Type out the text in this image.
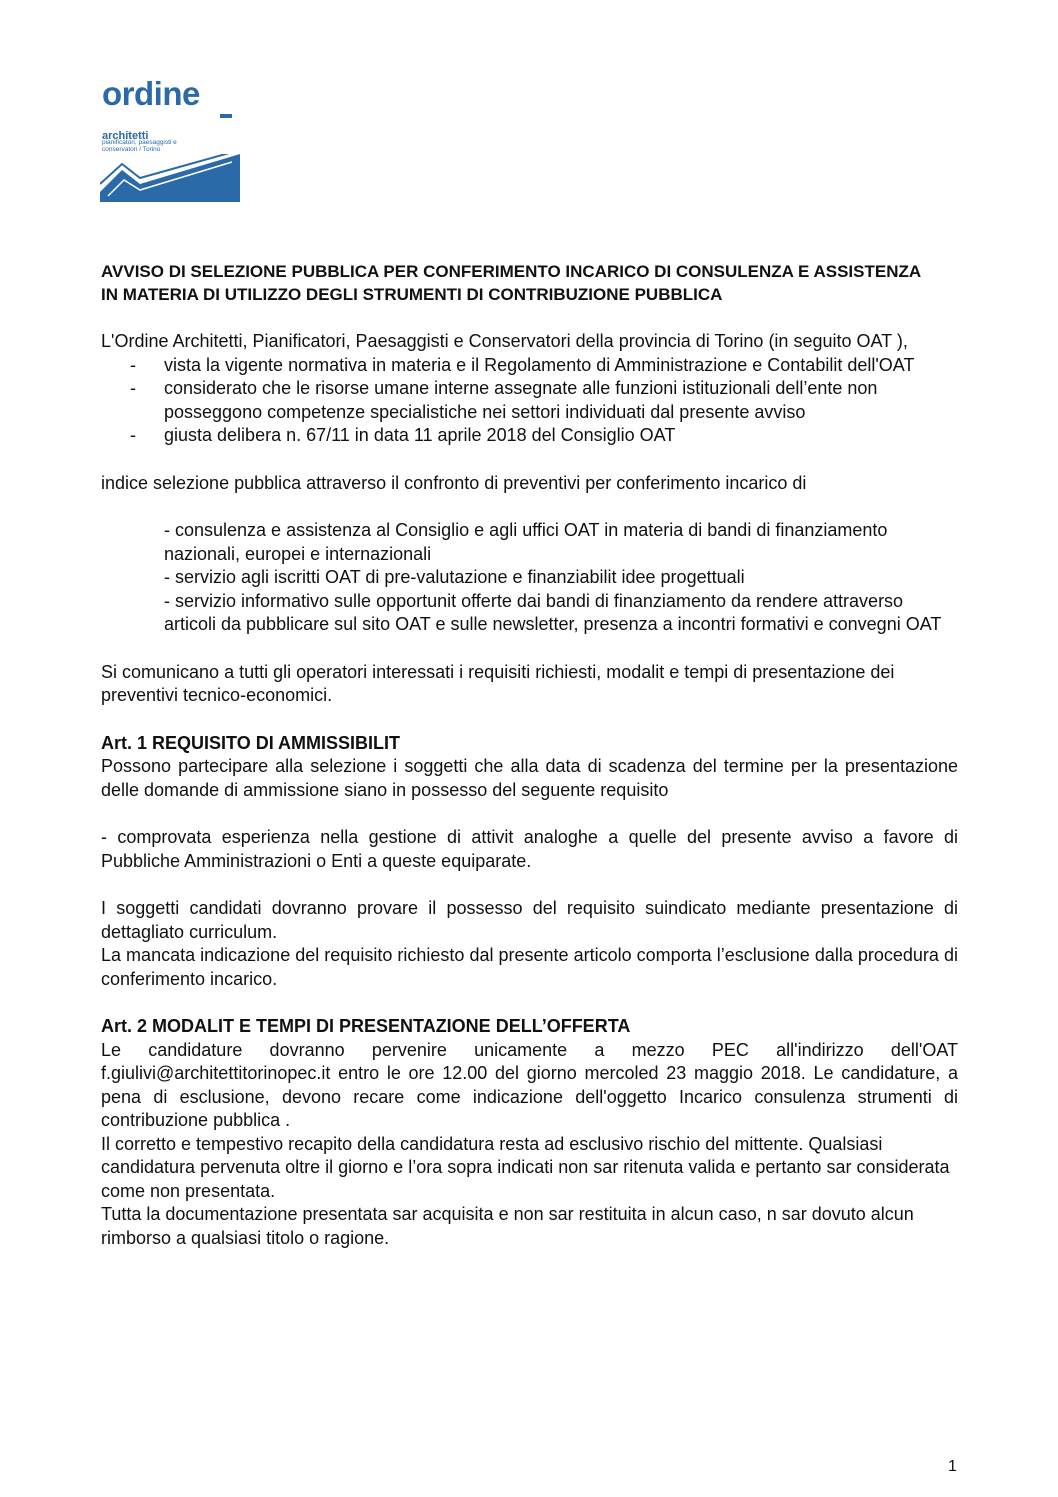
ordine
architetti
pianificatori, paesaggisti e conservatori / Torino

AVVISO DI SELEZIONE PUBBLICA PER CONFERIMENTO INCARICO DI CONSULENZA E ASSISTENZA

IN MATERIA DI UTILIZZO DEGLI STRUMENTI DI CONTRIBUZIONE PUBBLICA

L'Ordine Architetti, Pianificatori, Paesaggisti e Conservatori della provincia di Torino (in seguito OAT ),

- vista la vigente normativa in materia e il Regolamento di Amministrazione e Contabilit dell'OAT
- considerato che le risorse umane interne assegnate alle funzioni istituzionali dell’ente non posseggono competenze specialistiche nei settori individuati dal presente avviso
- giusta delibera n. 67/11 in data 11 aprile 2018 del Consiglio OAT

indice selezione pubblica attraverso il confronto di preventivi per conferimento incarico di

- consulenza e assistenza al Consiglio e agli uffici OAT in materia di bandi di finanziamento nazionali, europei e internazionali

- servizio agli iscritti OAT di pre-valutazione e finanziabilit idee progettuali

- servizio informativo sulle opportunit offerte dai bandi di finanziamento da rendere attraverso articoli da pubblicare sul sito OAT e sulle newsletter, presenza a incontri formativi e convegni OAT

Si comunicano a tutti gli operatori interessati i requisiti richiesti, modalit e tempi di presentazione dei preventivi tecnico-economici.

Art. 1 REQUISITO DI AMMISSIBILIT

Possono partecipare alla selezione i soggetti che alla data di scadenza del termine per la presentazione delle domande di ammissione siano in possesso del seguente requisito

- comprovata esperienza nella gestione di attivit analoghe a quelle del presente avviso a favore di Pubbliche Amministrazioni o Enti a queste equiparate.

I soggetti candidati dovranno provare il possesso del requisito suindicato mediante presentazione di dettagliato curriculum.

La mancata indicazione del requisito richiesto dal presente articolo comporta l’esclusione dalla procedura di conferimento incarico.

Art. 2 MODALIT E TEMPI DI PRESENTAZIONE DELL’OFFERTA

Le candidature dovranno pervenire unicamente a mezzo PEC all'indirizzo dell'OAT f.giulivi@architettitorinopec.it entro le ore 12.00 del giorno mercoled 23 maggio 2018. Le candidature, a pena di esclusione, devono recare come indicazione dell'oggetto Incarico consulenza strumenti di contribuzione pubblica .

Il corretto e tempestivo recapito della candidatura resta ad esclusivo rischio del mittente. Qualsiasi candidatura pervenuta oltre il giorno e l’ora sopra indicati non sar ritenuta valida e pertanto sar considerata come non presentata.

Tutta la documentazione presentata sar acquisita e non sar restituita in alcun caso, n sar dovuto alcun rimborso a qualsiasi titolo o ragione.

1
